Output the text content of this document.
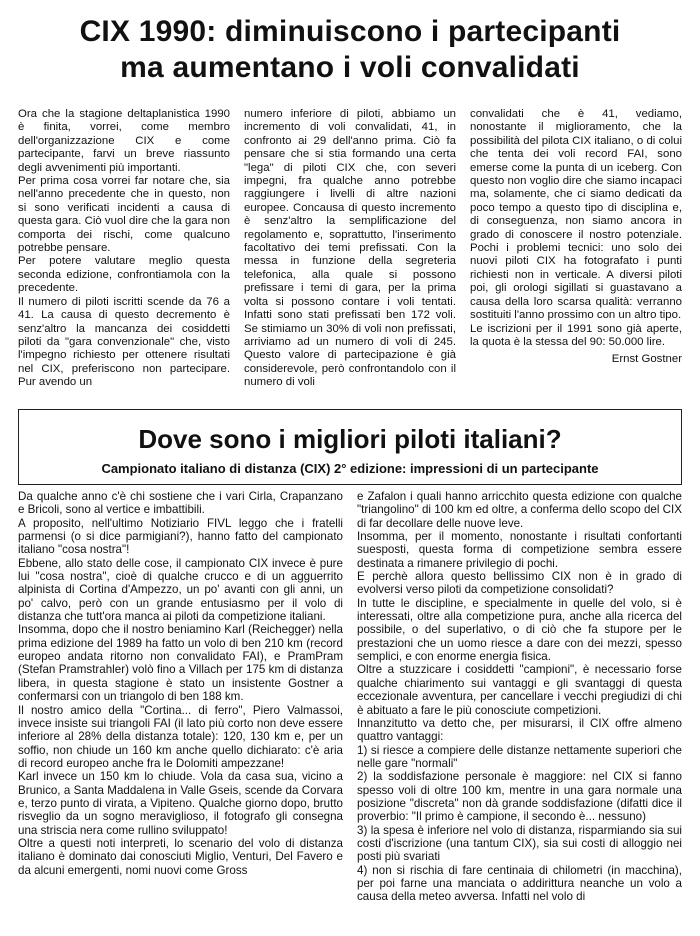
CIX 1990: diminuiscono i partecipanti
ma aumentano i voli convalidati

Ora che la stagione deltaplanistica 1990 è finita, vorrei, come membro dell'organizzazione CIX e come partecipante, farvi un breve riassunto degli avvenimenti più importanti.

Per prima cosa vorrei far notare che, sia nell'anno precedente che in questo, non si sono verificati incidenti a causa di questa gara. Ciò vuol dire che la gara non comporta dei rischi, come qualcuno potrebbe pensare.

Per potere valutare meglio questa seconda edizione, confrontiamola con la precedente.

Il numero di piloti iscritti scende da 76 a 41. La causa di questo decremento è senz'altro la mancanza dei cosiddetti piloti da "gara convenzionale" che, visto l'impegno richiesto per ottenere risultati nel CIX, preferiscono non partecipare. Pur avendo un

numero inferiore di piloti, abbiamo un incremento di voli convalidati, 41, in confronto ai 29 dell'anno prima. Ciò fa pensare che si stia formando una certa "lega" di piloti CIX che, con severi impegni, fra qualche anno potrebbe raggiungere i livelli di altre nazioni europee. Concausa di questo incremento è senz'altro la semplificazione del regolamento e, soprattutto, l'inserimento facoltativo dei temi prefissati. Con la messa in funzione della segreteria telefonica, alla quale si possono prefissare i temi di gara, per la prima volta si possono contare i voli tentati. Infatti sono stati prefissati ben 172 voli. Se stimiamo un 30% di voli non prefissati, arriviamo ad un numero di voli di 245. Questo valore di partecipazione è già considerevole, però confrontandolo con il numero di voli

convalidati che è 41, vediamo, nonostante il miglioramento, che la possibilità del pilota CIX italiano, o di colui che tenta dei voli record FAI, sono emerse come la punta di un iceberg. Con questo non voglio dire che siamo incapaci ma, solamente, che ci siamo dedicati da poco tempo a questo tipo di disciplina e, di conseguenza, non siamo ancora in grado di conoscere il nostro potenziale. Pochi i problemi tecnici: uno solo dei nuovi piloti CIX ha fotografato i punti richiesti non in verticale. A diversi piloti poi, gli orologi sigillati si guastavano a causa della loro scarsa qualità: verranno sostituiti l'anno prossimo con un altro tipo.

Le iscrizioni per il 1991 sono già aperte, la quota è la stessa del 90: 50.000 lire.

Ernst Gostner

Dove sono i migliori piloti italiani?

Campionato italiano di distanza (CIX) 2° edizione: impressioni di un partecipante

Da qualche anno c'è chi sostiene che i vari Cirla, Crapanzano e Bricoli, sono al vertice e imbattibili.

A proposito, nell'ultimo Notiziario FIVL leggo che i fratelli parmensi (o si dice parmigiani?), hanno fatto del campionato italiano "cosa nostra"!

Ebbene, allo stato delle cose, il campionato CIX invece è pure lui "cosa nostra", cioè di qualche crucco e di un agguerrito alpinista di Cortina d'Ampezzo, un po' avanti con gli anni, un po' calvo, però con un grande entusiasmo per il volo di distanza che tutt'ora manca ai piloti da competizione italiani.

Insomma, dopo che il nostro beniamino Karl (Reichegger) nella prima edizione del 1989 ha fatto un volo di ben 210 km (record europeo andata ritorno non convalidato FAI), e PramPram (Stefan Pramstrahler) volò fino a Villach per 175 km di distanza libera, in questa stagione è stato un insistente Gostner a confermarsi con un triangolo di ben 188 km.

Il nostro amico della "Cortina... di ferro", Piero Valmassoi, invece insiste sui triangoli FAI (il lato più corto non deve essere inferiore al 28% della distanza totale): 120, 130 km e, per un soffio, non chiude un 160 km anche quello dichiarato: c'è aria di record europeo anche fra le Dolomiti ampezzane!

Karl invece un 150 km lo chiude. Vola da casa sua, vicino a Brunico, a Santa Maddalena in Valle Gseis, scende da Corvara e, terzo punto di virata, a Vipiteno. Qualche giorno dopo, brutto risveglio da un sogno meraviglioso, il fotografo gli consegna una striscia nera come rullino sviluppato!

Oltre a questi noti interpreti, lo scenario del volo di distanza italiano è dominato dai conosciuti Miglio, Venturi, Del Favero e da alcuni emergenti, nomi nuovi come Gross

e Zafalon i quali hanno arricchito questa edizione con qualche "triangolino" di 100 km ed oltre, a conferma dello scopo del CIX di far decollare delle nuove leve.

Insomma, per il momento, nonostante i risultati confortanti suesposti, questa forma di competizione sembra essere destinata a rimanere privilegio di pochi.

E perchè allora questo bellissimo CIX non è in grado di evolversi verso piloti da competizione consolidati?

In tutte le discipline, e specialmente in quelle del volo, si è interessati, oltre alla competizione pura, anche alla ricerca del possibile, o del superlativo, o di ciò che fa stupore per le prestazioni che un uomo riesce a dare con dei mezzi, spesso semplici, e con enorme energia fisica.

Oltre a stuzzicare i cosiddetti "campioni", è necessario forse qualche chiarimento sui vantaggi e gli svantaggi di questa eccezionale avventura, per cancellare i vecchi pregiudizi di chi è abituato a fare le più conosciute competizioni.

Innanzitutto va detto che, per misurarsi, il CIX offre almeno quattro vantaggi:

1) si riesce a compiere delle distanze nettamente superiori che nelle gare "normali"

2) la soddisfazione personale è maggiore: nel CIX si fanno spesso voli di oltre 100 km, mentre in una gara normale una posizione "discreta" non dà grande soddisfazione (difatti dice il proverbio: "Il primo è campione, il secondo è... nessuno)

3) la spesa è inferiore nel volo di distanza, risparmiando sia sui costi d'iscrizione (una tantum CIX), sia sui costi di alloggio nei posti più svariati

4) non si rischia di fare centinaia di chilometri (in macchina), per poi farne una manciata o addirittura neanche un volo a causa della meteo avversa. Infatti nel volo di
